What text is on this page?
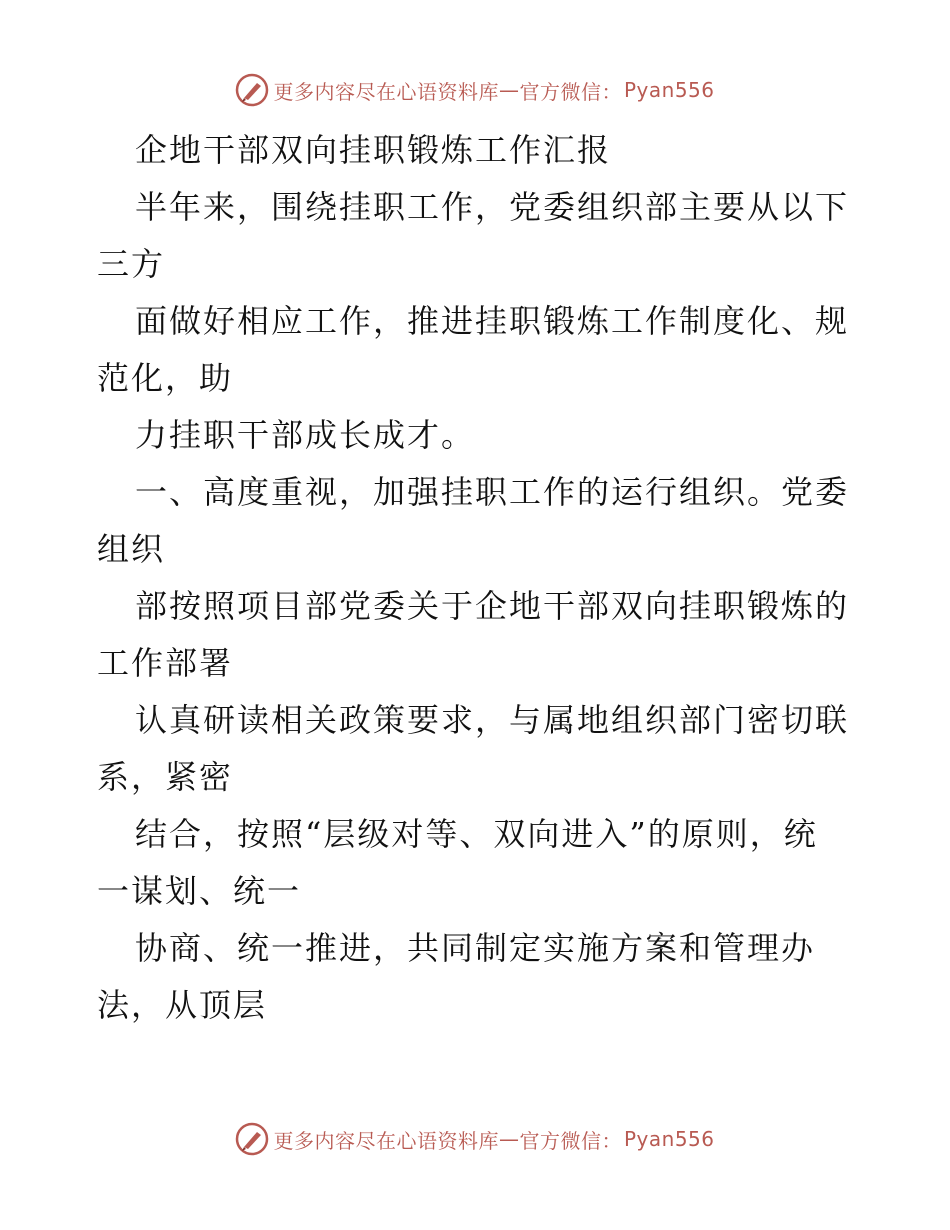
更多内容尽在心语资料库 — 官方微信： Pyan556
企地干部双向挂职锻炼工作汇报
半年来，围绕挂职工作，党委组织部主要从以下
三方
面做好相应工作，推进挂职锻炼工作制度化、规
范化，助
力挂职干部成长成才。
一、高度重视，加强挂职工作的运行组织。党委
组织
部按照项目部党委关于企地干部双向挂职锻炼的
工作部署
认真研读相关政策要求，与属地组织部门密切联
系，紧密
结合，按照“层级对等、双向进入”的原则，统
一谋划、统一
协商、统一推进，共同制定实施方案和管理办
法，从顶层
更多内容尽在心语资料库 — 官方微信： Pyan556
